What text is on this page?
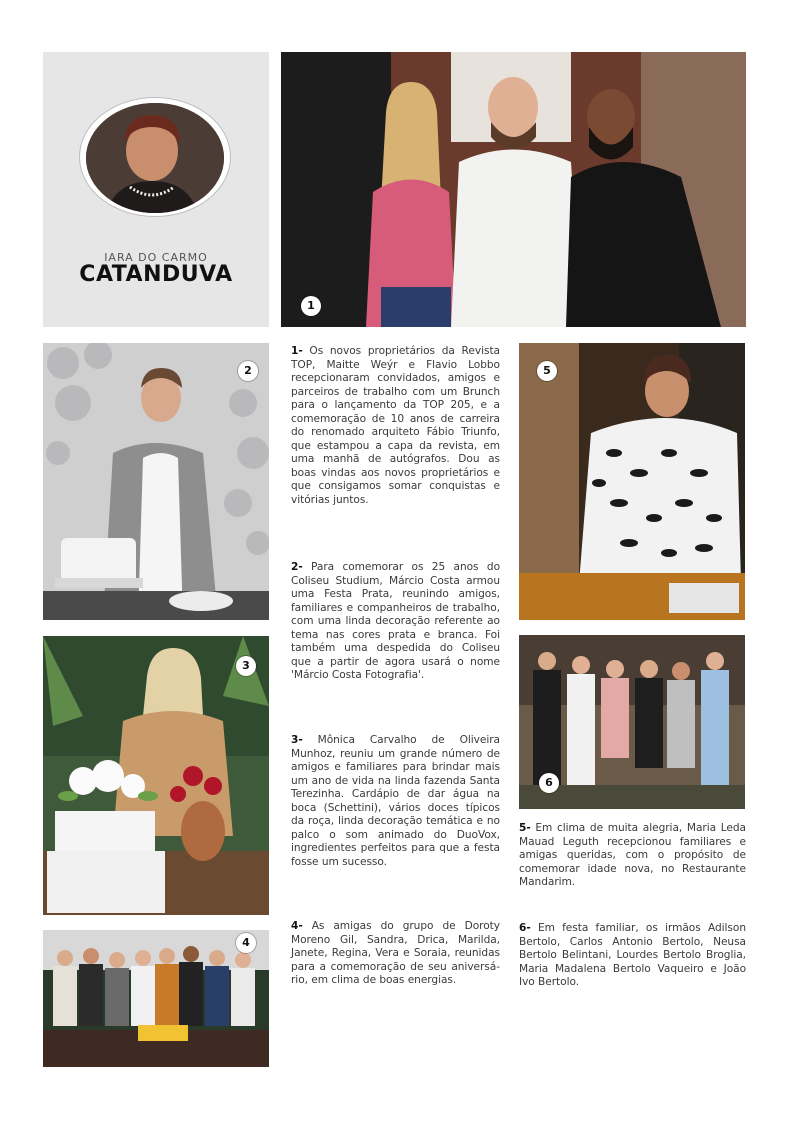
IARA DO CARMO
CATANDUVA
1
2
3
4
5
6
1- Os novos proprietários da Revista TOP, Maitte Weýr e Flavio Lobbo recepcionaram convidados, amigos e parceiros de trabalho com um Brunch para o lançamento da TOP 205, e a comemoração de 10 anos de carreira do renomado arquiteto Fábio Triunfo, que estampou a capa da revista, em uma manhã de autógrafos. Dou as boas vindas aos novos proprietários e que consigamos somar conquistas e vitórias juntos.
2- Para comemorar os 25 anos do Coliseu Studium, Márcio Costa armou uma Festa Prata, reunindo amigos, familiares e companheiros de trabalho, com uma linda decoração referente ao tema nas cores prata e branca. Foi também uma despedida do Coliseu que a partir de agora usará o nome 'Márcio Costa Fotografia'.
3- Mônica Carvalho de Oliveira Munhoz, reuniu um grande número de amigos e familiares para brindar mais um ano de vida na linda fazenda Santa Terezinha. Cardápio de dar água na boca (Schettini), vários doces típicos da roça, linda decoração temática e no palco o som animado do DuoVox, ingredientes perfeitos para que a festa fosse um sucesso.
4- As amigas do grupo de Doroty Moreno Gil, Sandra, Drica, Marilda, Janete, Regina, Vera e Soraia, reunidas para a comemoração de seu aniversá-rio, em clima de boas energias.
5- Em clima de muita alegria, Maria Leda Mauad Leguth recepcionou familiares e amigas queridas, com o propósito de comemorar idade nova, no Restaurante Mandarim.
6- Em festa familiar, os irmãos Adilson Bertolo, Carlos Antonio Bertolo, Neusa Bertolo Belintani, Lourdes Bertolo Broglia, Maria Madalena Bertolo Vaqueiro e João Ivo Bertolo.
